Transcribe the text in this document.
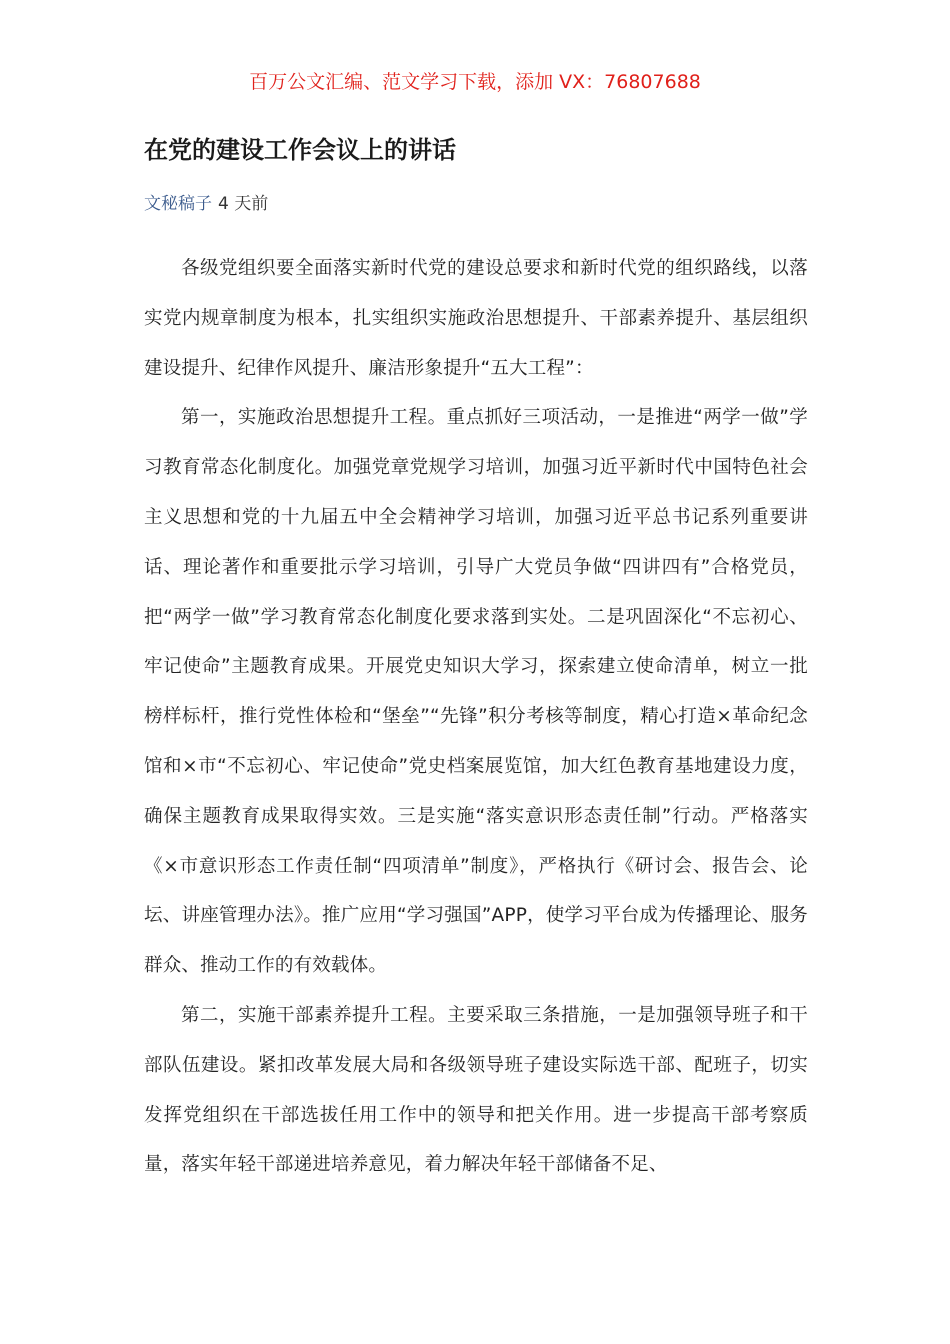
百万公文汇编、范文学习下载，添加 VX：76807688
在党的建设工作会议上的讲话
文秘稿子 4 天前

各级党组织要全面落实新时代党的建设总要求和新时代党的组织路线，以落实党内规章制度为根本，扎实组织实施政治思想提升、干部素养提升、基层组织建设提升、纪律作风提升、廉洁形象提升“五大工程”：

第一，实施政治思想提升工程。重点抓好三项活动，一是推进“两学一做”学习教育常态化制度化。加强党章党规学习培训，加强习近平新时代中国特色社会主义思想和党的十九届五中全会精神学习培训，加强习近平总书记系列重要讲话、理论著作和重要批示学习培训，引导广大党员争做“四讲四有”合格党员，把“两学一做”学习教育常态化制度化要求落到实处。二是巩固深化“不忘初心、牢记使命”主题教育成果。开展党史知识大学习，探索建立使命清单，树立一批榜样标杆，推行党性体检和“堡垒”“先锋”积分考核等制度，精心打造×革命纪念馆和×市“不忘初心、牢记使命”党史档案展览馆，加大红色教育基地建设力度，确保主题教育成果取得实效。三是实施“落实意识形态责任制”行动。严格落实《×市意识形态工作责任制“四项清单”制度》，严格执行《研讨会、报告会、论坛、讲座管理办法》。推广应用“学习强国”APP，使学习平台成为传播理论、服务群众、推动工作的有效载体。

第二，实施干部素养提升工程。主要采取三条措施，一是加强领导班子和干部队伍建设。紧扣改革发展大局和各级领导班子建设实际选干部、配班子，切实发挥党组织在干部选拔任用工作中的领导和把关作用。进一步提高干部考察质量，落实年轻干部递进培养意见，着力解决年轻干部储备不足、
